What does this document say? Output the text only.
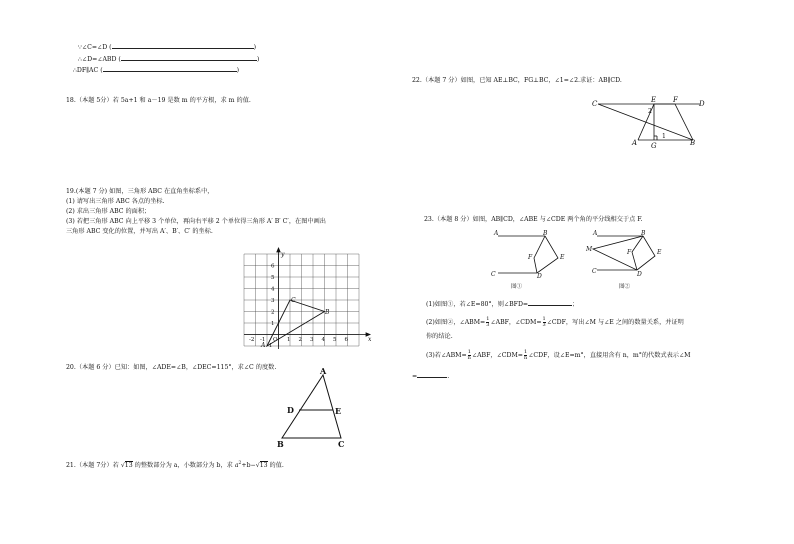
∵∠C=∠D (	)
∴∠D=∠ABD (	)
∴DF∥AC (	)
18.（本题 5分）若 5a+1 和 a－19 是数 m 的平方根，求 m 的值.
19.(本题 7 分) 如图，三角形 ABC 在直角坐标系中，
(1) 请写出三角形 ABC 各点的坐标.
(2) 求出三角形 ABC 的面积；
(3) 若把三角形 ABC 向上平移 3 个单位，再向右平移 2 个单位得三角形 A′ B′ C′，在图中画出
三角形 ABC 变化的位置，并写出 A′、B′、C′ 的坐标.
y
x
-2 -1 O 1 2 3 4 5 6
6
5
4
3
2
1
-1
A
B
C
20.（本题 6 分）已知：如图，∠ADE=∠B，∠DEC=115°，求∠C 的度数.	A
D	E
B	C
21.（本题 7分）若 √13 的整数部分为 a，小数部分为 b，求 $a^2+b-√13$ 的值.
22.（本题 7 分）如图，已知 AE⊥BC，FG⊥BC，∠1=∠2.求证：AB∥CD.
C	E F	D
A G	B
2
1
23.（本题 8 分）如图，AB∥CD，∠ABE 与∠CDE 两个角的平分线相交于点 F.
A	B
F	E
C	D
图①
A	B
M	F	E
C	D
图②
(1)如图①，若∠E=80°，则∠BFD=	；
(2)如图②，∠ABM= $\frac{1}{3}$ ∠ABF，∠CDM= $\frac{1}{3}$ ∠CDF，写出∠M 与∠E 之间的数量关系，并证明
你的结论.
(3)若∠ABM= $\frac{1}{n}$ ∠ABF，∠CDM= $\frac{1}{n}$ ∠CDF，设∠E=m°，直接用含有 n，m°的代数式表示∠M
=	.
